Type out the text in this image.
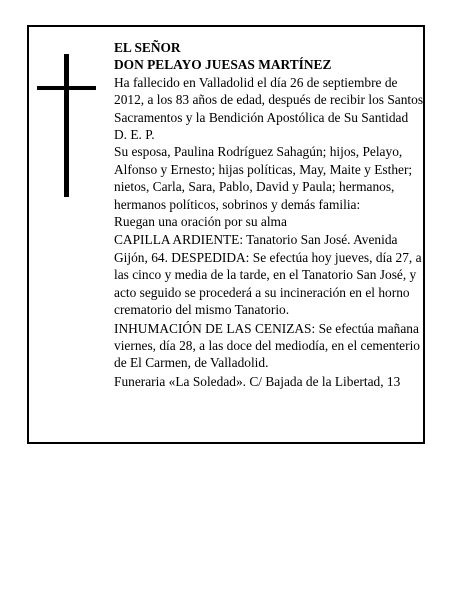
EL SEÑOR

DON PELAYO JUESAS MARTÍNEZ

Ha fallecido en Valladolid el día 26 de septiembre de 2012, a los 83 años de edad, después de recibir los Santos Sacramentos y la Bendición Apostólica de Su Santidad

D. E. P.

Su esposa, Paulina Rodríguez Sahagún; hijos, Pelayo, Alfonso y Ernesto; hijas políticas, May, Maite y Esther; nietos, Carla, Sara, Pablo, David y Paula; hermanos, hermanos políticos, sobrinos y demás familia:

Ruegan una oración por su alma

CAPILLA ARDIENTE: Tanatorio San José. Avenida Gijón, 64. DESPEDIDA: Se efectúa hoy jueves, día 27, a las cinco y media de la tarde, en el Tanatorio San José, y acto seguido se procederá a su incineración en el horno crematorio del mismo Tanatorio.

INHUMACIÓN DE LAS CENIZAS: Se efectúa mañana viernes, día 28, a las doce del mediodía, en el cementerio de El Carmen, de Valladolid.

Funeraria «La Soledad». C/ Bajada de la Libertad, 13
